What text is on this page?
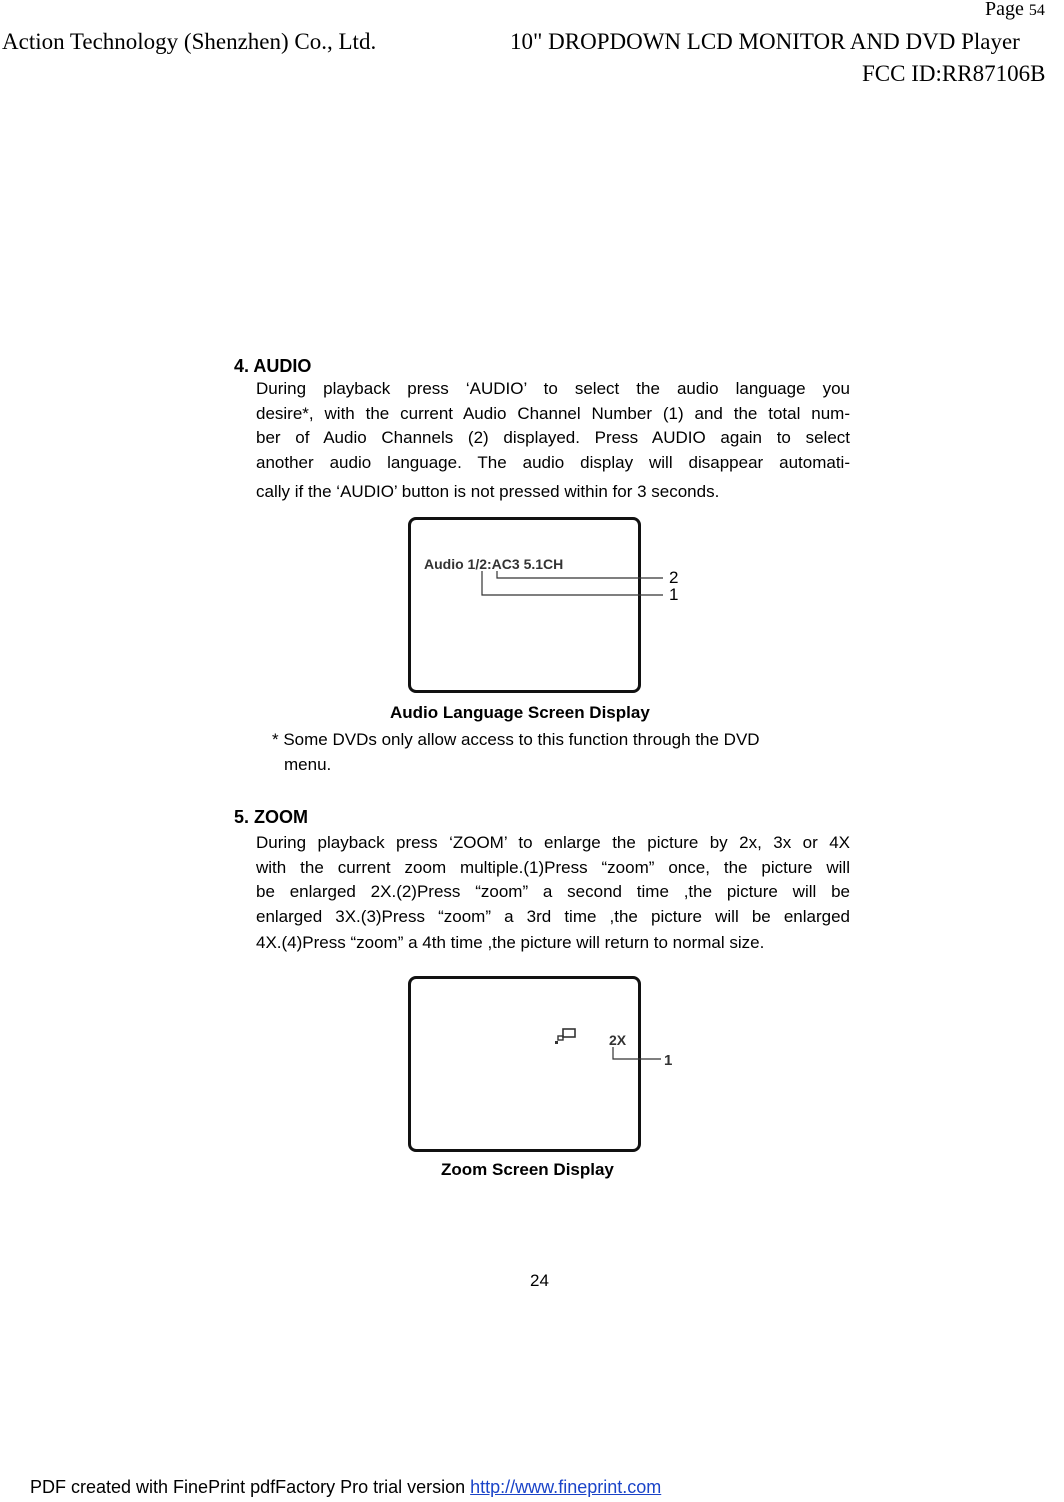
Page 54
Action Technology (Shenzhen) Co., Ltd.	10" DROPDOWN LCD MONITOR AND DVD Player
FCC ID:RR87106B
4. AUDIO
During playback press ‘AUDIO’ to select the audio language you
desire*, with the current Audio Channel Number (1) and the total num-
ber of Audio Channels (2) displayed. Press AUDIO again to select
another audio language. The audio display will disappear automati-
cally if the ‘AUDIO’ button is not pressed within for 3 seconds.
Audio 1/2:AC3 5.1CH
2
1
Audio Language Screen Display
* Some DVDs only allow access to this function through the DVD
menu.
5. ZOOM
During playback press ‘ZOOM’ to enlarge the picture by 2x, 3x or 4X
with the current zoom multiple.(1)Press “zoom” once, the picture will
be enlarged 2X.(2)Press “zoom” a second time ,the picture will be
enlarged 3X.(3)Press “zoom” a 3rd time ,the picture will be enlarged
4X.(4)Press “zoom” a 4th time ,the picture will return to normal size.
2X
1
Zoom Screen Display
24
PDF created with FinePrint pdfFactory Pro trial version http://www.fineprint.com
